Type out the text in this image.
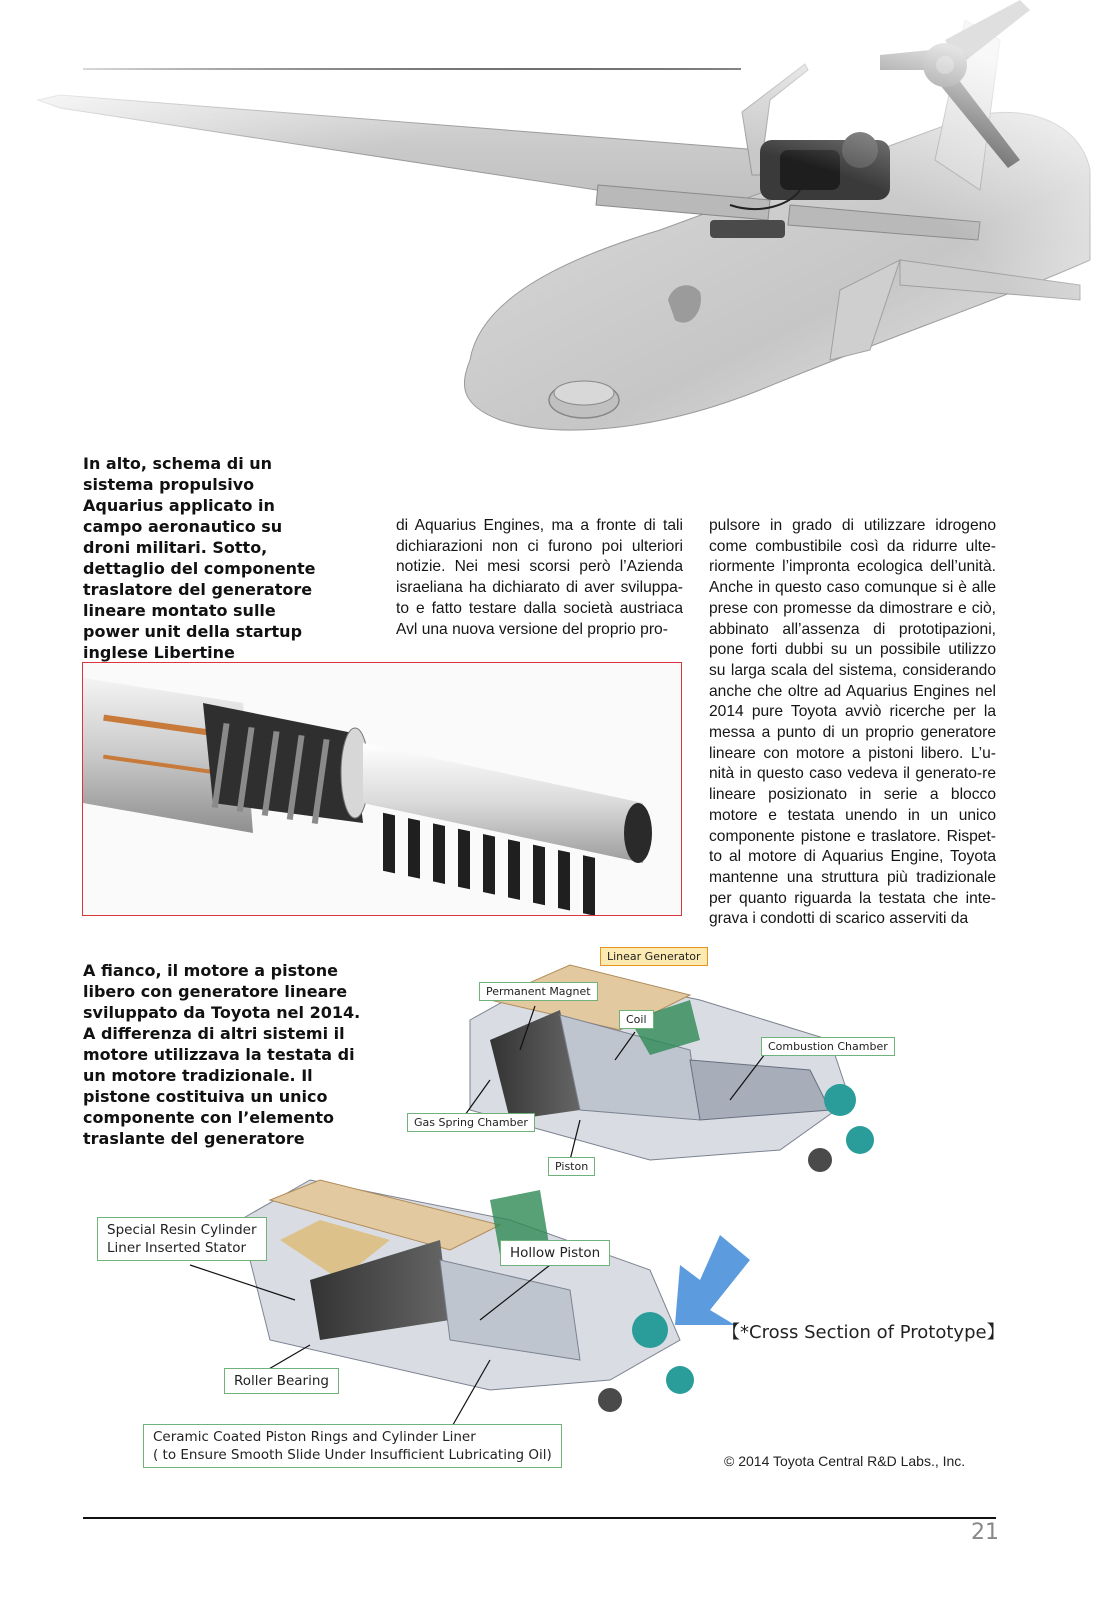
In alto, schema di un sistema propulsivo Aquarius applicato in campo aeronautico su droni militari. Sotto, dettaglio del componente traslatore del generatore lineare montato sulle power unit della startup inglese Libertine

di Aquarius Engines, ma a fronte di tali dichiarazioni non ci furono poi ulteriori notizie. Nei mesi scorsi però l’Azienda israeliana ha dichiarato di aver sviluppa-to e fatto testare dalla società austriaca Avl una nuova versione del proprio pro-

pulsore in grado di utilizzare idrogeno come combustibile così da ridurre ulte-riormente l’impronta ecologica dell’unità. Anche in questo caso comunque si è alle prese con promesse da dimostrare e ciò, abbinato all’assenza di prototipazioni, pone forti dubbi su un possibile utilizzo su larga scala del sistema, considerando anche che oltre ad Aquarius Engines nel 2014 pure Toyota avviò ricerche per la messa a punto di un proprio generatore lineare con motore a pistoni libero. L’u-nità in questo caso vedeva il generato-re lineare posizionato in serie a blocco motore e testata unendo in un unico componente pistone e traslatore. Rispet-to al motore di Aquarius Engine, Toyota mantenne una struttura più tradizionale per quanto riguarda la testata che inte-grava i condotti di scarico asserviti da

A fianco, il motore a pistone libero con generatore lineare sviluppato da Toyota nel 2014. A differenza di altri sistemi il motore utilizzava la testata di un motore tradizionale. Il pistone costituiva un unico componente con l’elemento traslante del generatore

Linear Generator
Permanent Magnet
Coil
Combustion Chamber
Gas Spring Chamber
Piston
Special Resin Cylinder
Liner Inserted Stator	Hollow Piston
Roller Bearing
Ceramic Coated Piston Rings and Cylinder Liner
( to Ensure Smooth Slide Under Insufficient Lubricating Oil)
【*Cross Section of Prototype】
© 2014 Toyota Central R&D Labs., Inc.
21
